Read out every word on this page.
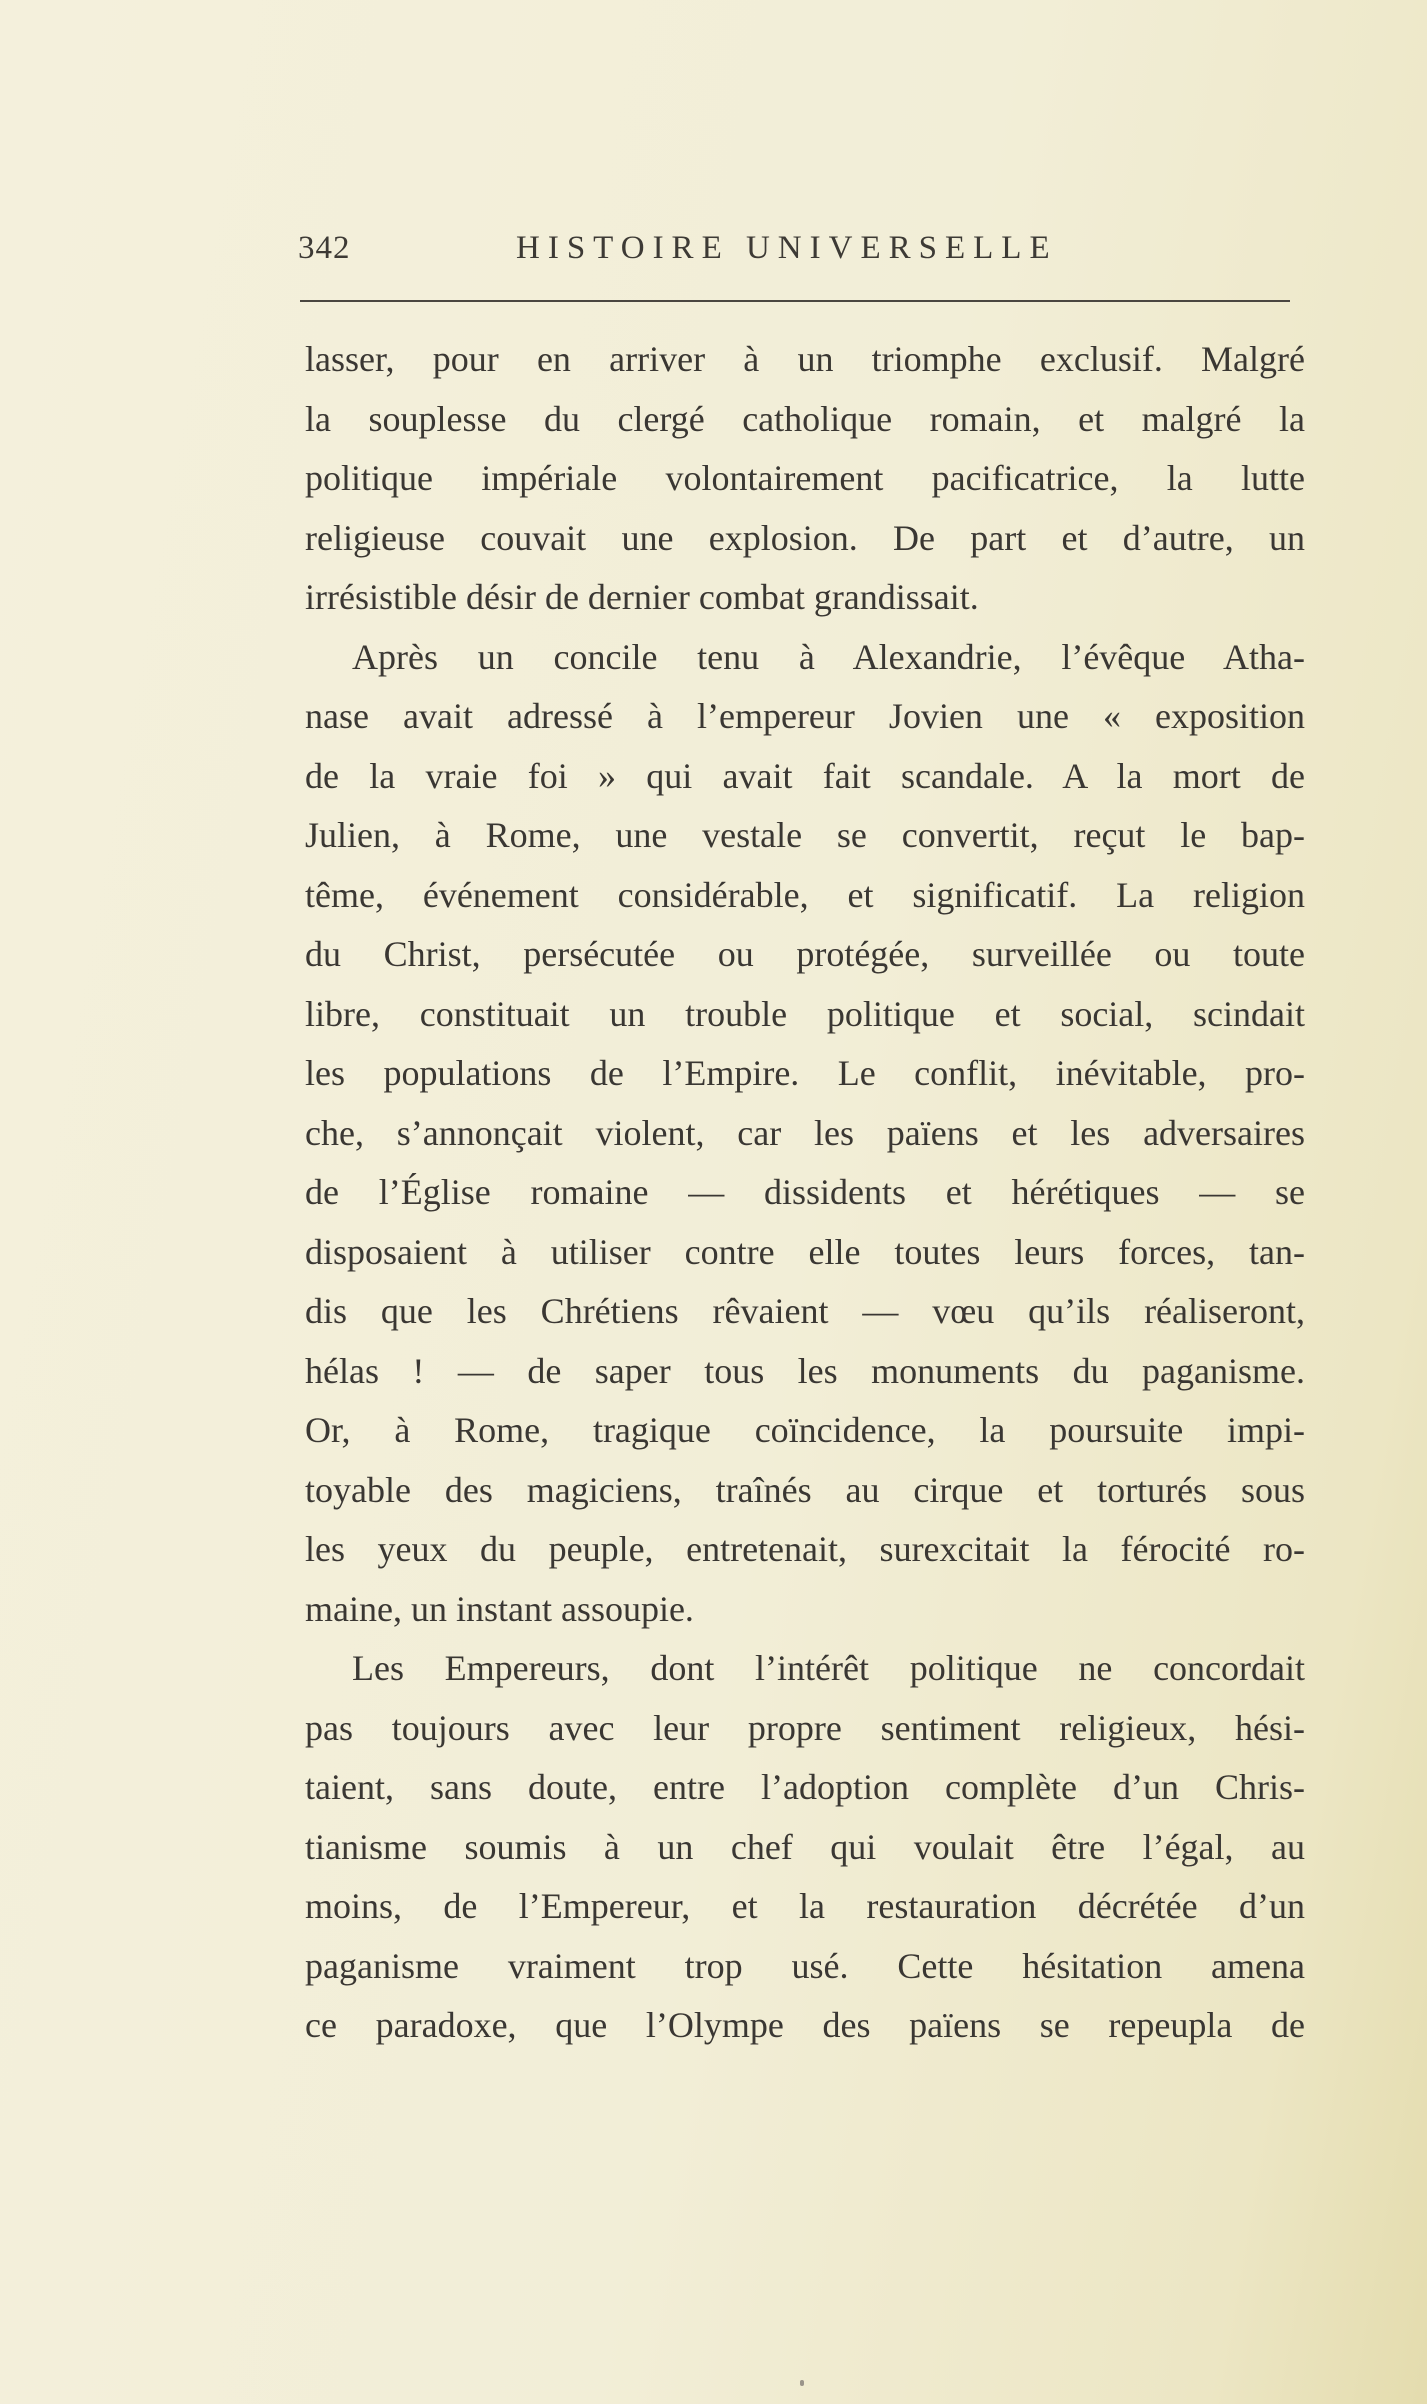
342	HISTOIRE UNIVERSELLE
lasser, pour en arriver à un triomphe exclusif. Malgré
la souplesse du clergé catholique romain, et malgré la
politique impériale volontairement pacificatrice, la lutte
religieuse couvait une explosion. De part et d’autre, un
irrésistible désir de dernier combat grandissait.
Après un concile tenu à Alexandrie, l’évêque Atha-
nase avait adressé à l’empereur Jovien une « exposition
de la vraie foi » qui avait fait scandale. A la mort de
Julien, à Rome, une vestale se convertit, reçut le bap-
tême, événement considérable, et significatif. La religion
du Christ, persécutée ou protégée, surveillée ou toute
libre, constituait un trouble politique et social, scindait
les populations de l’Empire. Le conflit, inévitable, pro-
che, s’annonçait violent, car les païens et les adversaires
de l’Église romaine — dissidents et hérétiques — se
disposaient à utiliser contre elle toutes leurs forces, tan-
dis que les Chrétiens rêvaient — vœu qu’ils réaliseront,
hélas ! — de saper tous les monuments du paganisme.
Or, à Rome, tragique coïncidence, la poursuite impi-
toyable des magiciens, traînés au cirque et torturés sous
les yeux du peuple, entretenait, surexcitait la férocité ro-
maine, un instant assoupie.
Les Empereurs, dont l’intérêt politique ne concordait
pas toujours avec leur propre sentiment religieux, hési-
taient, sans doute, entre l’adoption complète d’un Chris-
tianisme soumis à un chef qui voulait être l’égal, au
moins, de l’Empereur, et la restauration décrétée d’un
paganisme vraiment trop usé. Cette hésitation amena
ce paradoxe, que l’Olympe des païens se repeupla de
